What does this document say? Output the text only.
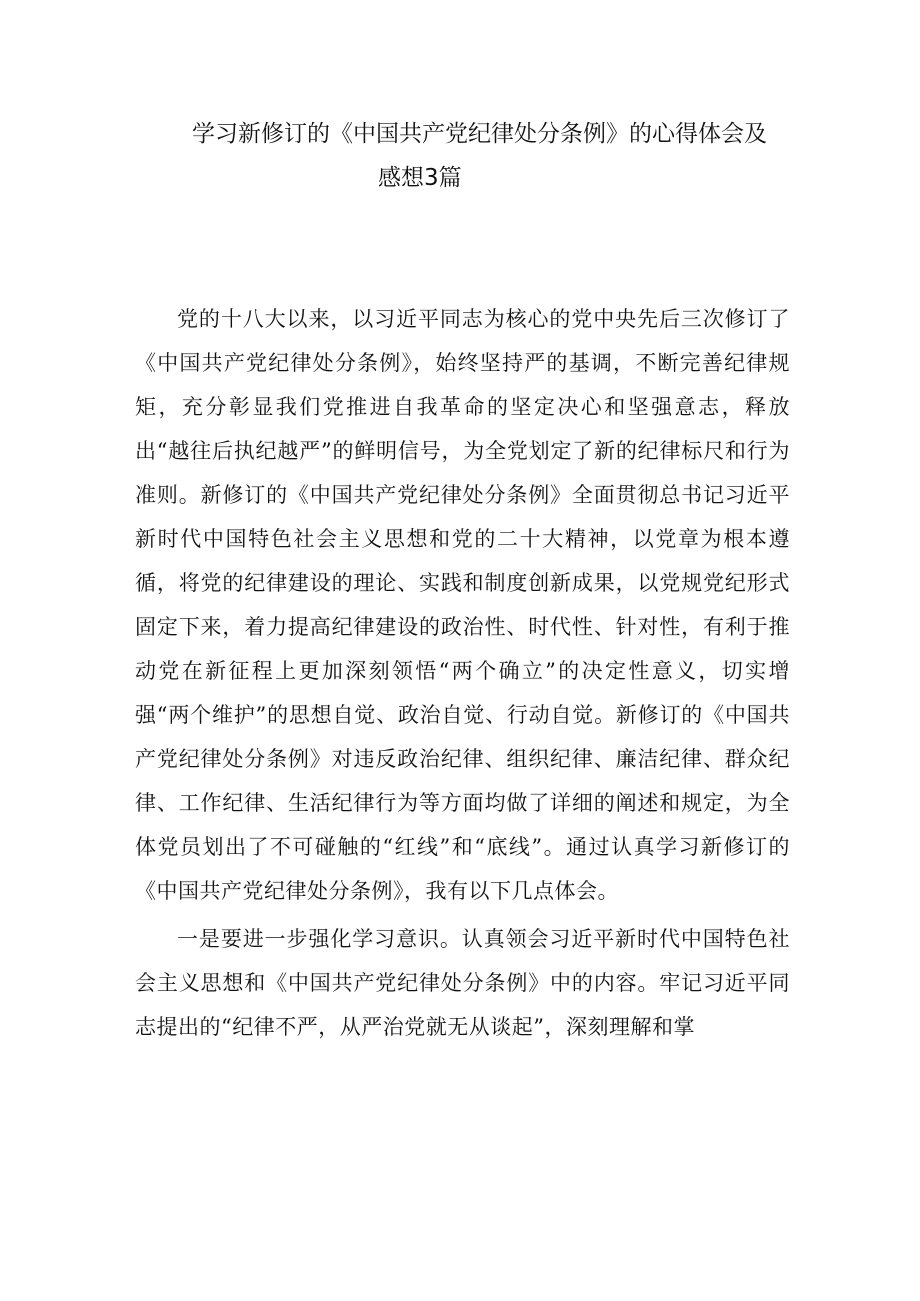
学习新修订的《中国共产党纪律处分条例》的心得体会及
感想3篇

党的十八大以来，以习近平同志为核心的党中央先后三次修订了《中国共产党纪律处分条例》，始终坚持严的基调，不断完善纪律规矩，充分彰显我们党推进自我革命的坚定决心和坚强意志，释放出“越往后执纪越严”的鲜明信号，为全党划定了新的纪律标尺和行为准则。新修订的《中国共产党纪律处分条例》全面贯彻总书记习近平新时代中国特色社会主义思想和党的二十大精神，以党章为根本遵循，将党的纪律建设的理论、实践和制度创新成果，以党规党纪形式固定下来，着力提高纪律建设的政治性、时代性、针对性，有利于推动党在新征程上更加深刻领悟“两个确立”的决定性意义，切实增强“两个维护”的思想自觉、政治自觉、行动自觉。新修订的《中国共产党纪律处分条例》对违反政治纪律、组织纪律、廉洁纪律、群众纪律、工作纪律、生活纪律行为等方面均做了详细的阐述和规定，为全体党员划出了不可碰触的“红线”和“底线”。通过认真学习新修订的《中国共产党纪律处分条例》，我有以下几点体会。

一是要进一步强化学习意识。认真领会习近平新时代中国特色社会主义思想和《中国共产党纪律处分条例》中的内容。牢记习近平同志提出的“纪律不严，从严治党就无从谈起”，深刻理解和掌
